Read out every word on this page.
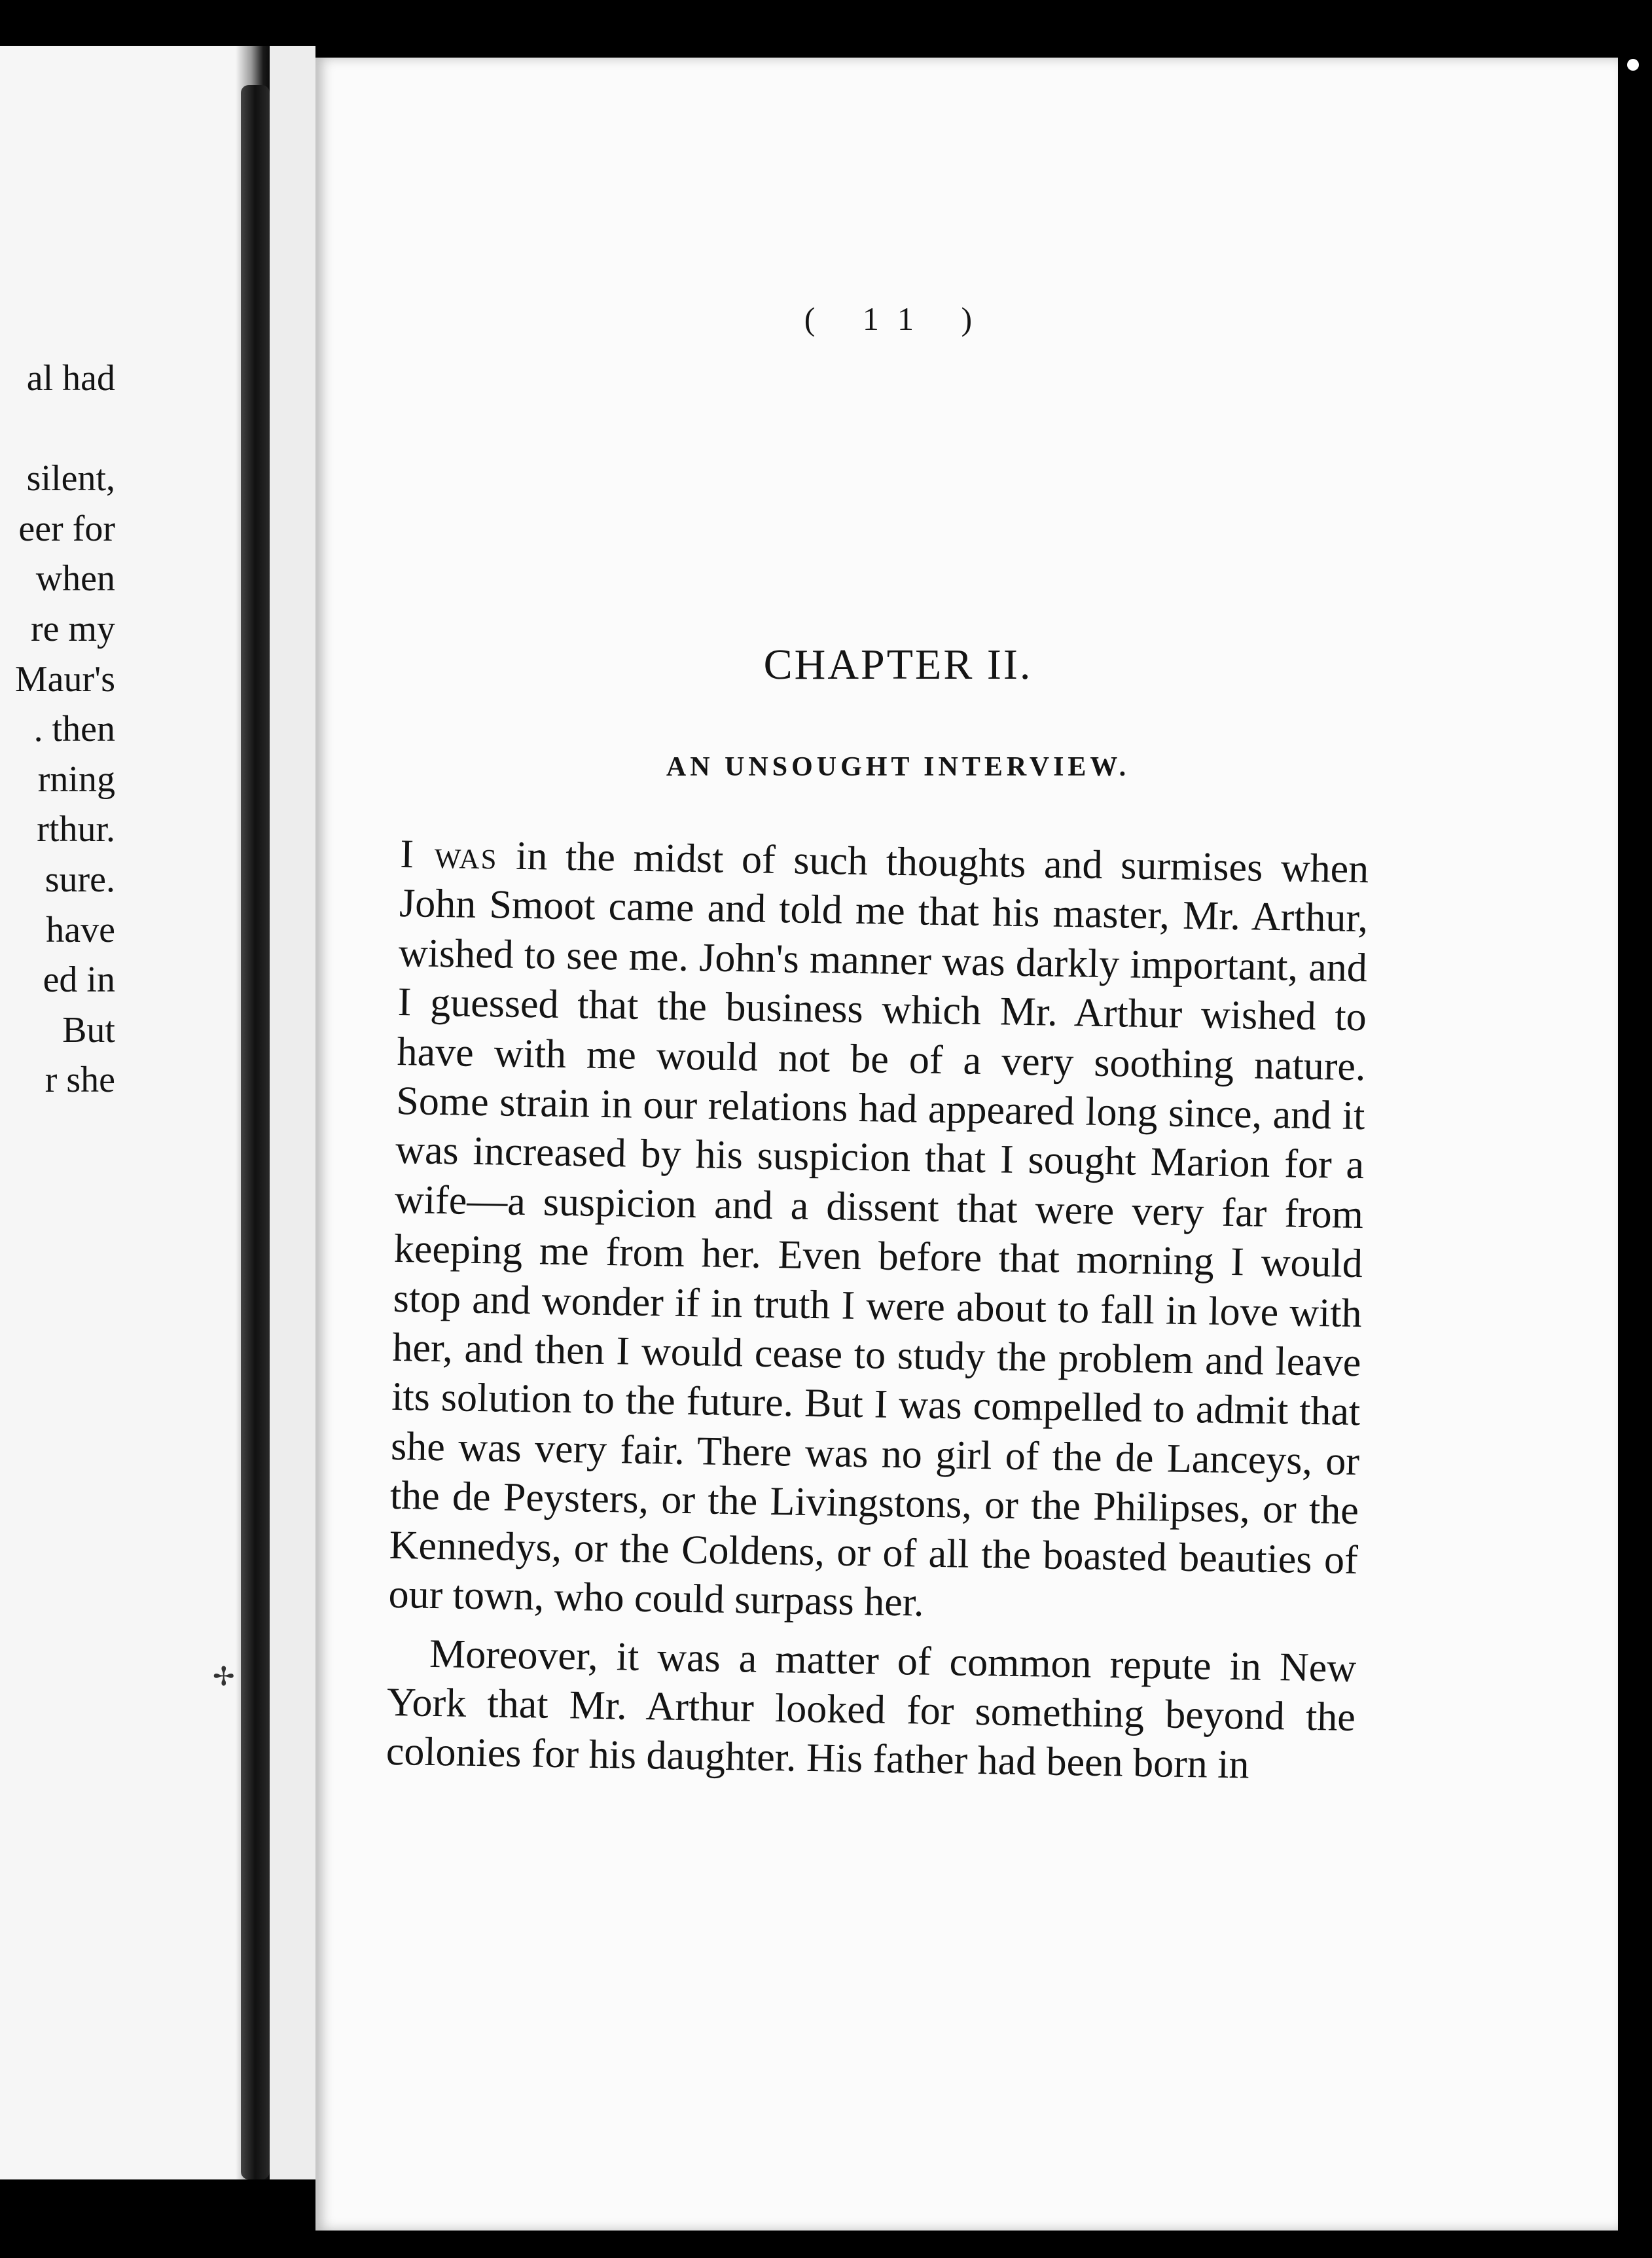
al had
silent,
eer for
when
re my
Maur's
. then
rning
rthur.
sure.
have
ed in
But
r she
✢
( 11 )
CHAPTER II.
AN UNSOUGHT INTERVIEW.

I was in the midst of such thoughts and surmises when John Smoot came and told me that his master, Mr. Arthur, wished to see me. John's manner was darkly important, and I guessed that the business which Mr. Arthur wished to have with me would not be of a very soothing nature. Some strain in our relations had appeared long since, and it was increased by his suspicion that I sought Marion for a wife—a suspicion and a dissent that were very far from keeping me from her. Even before that morning I would stop and wonder if in truth I were about to fall in love with her, and then I would cease to study the problem and leave its solution to the future. But I was compelled to admit that she was very fair. There was no girl of the de Lanceys, or the de Peysters, or the Livingstons, or the Philipses, or the Kennedys, or the Coldens, or of all the boasted beauties of our town, who could surpass her.

Moreover, it was a matter of common repute in New York that Mr. Arthur looked for something beyond the colonies for his daughter. His father had been born in
